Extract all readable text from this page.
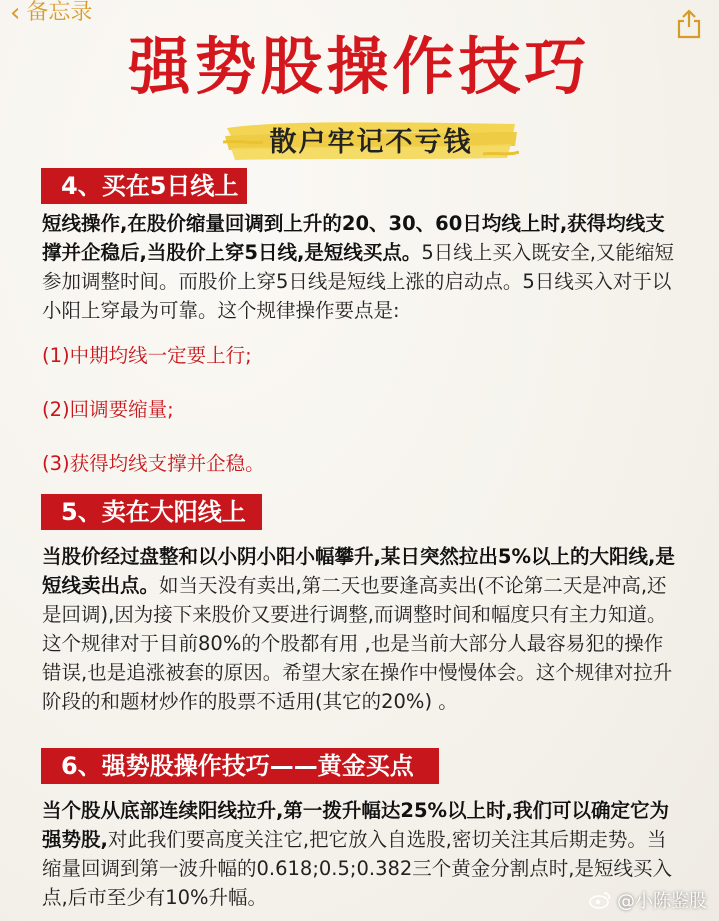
‹ 备忘录
强势股操作技巧
散户牢记不亏钱
4、买在5日线上

短线操作,在股价缩量回调到上升的20、30、60日均线上时,获得均线支撑并企稳后,当股价上穿5日线,是短线买点。5日线上买入既安全,又能缩短参加调整时间。而股价上穿5日线是短线上涨的启动点。5日线买入对于以小阳上穿最为可靠。这个规律操作要点是:

(1)中期均线一定要上行;

(2)回调要缩量;

(3)获得均线支撑并企稳。

5、卖在大阳线上

当股价经过盘整和以小阴小阳小幅攀升,某日突然拉出5%以上的大阳线,是短线卖出点。如当天没有卖出,第二天也要逢高卖出(不论第二天是冲高,还是回调),因为接下来股价又要进行调整,而调整时间和幅度只有主力知道。这个规律对于目前80%的个股都有用 ,也是当前大部分人最容易犯的操作错误,也是追涨被套的原因。希望大家在操作中慢慢体会。这个规律对拉升阶段的和题材炒作的股票不适用(其它的20%) 。

6、强势股操作技巧——黄金买点

当个股从底部连续阳线拉升,第一拨升幅达25%以上时,我们可以确定它为强势股,对此我们要高度关注它,把它放入自选股,密切关注其后期走势。当缩量回调到第一波升幅的0.618;0.5;0.382三个黄金分割点时,是短线买入点,后市至少有10%升幅。	@小陈鉴股
